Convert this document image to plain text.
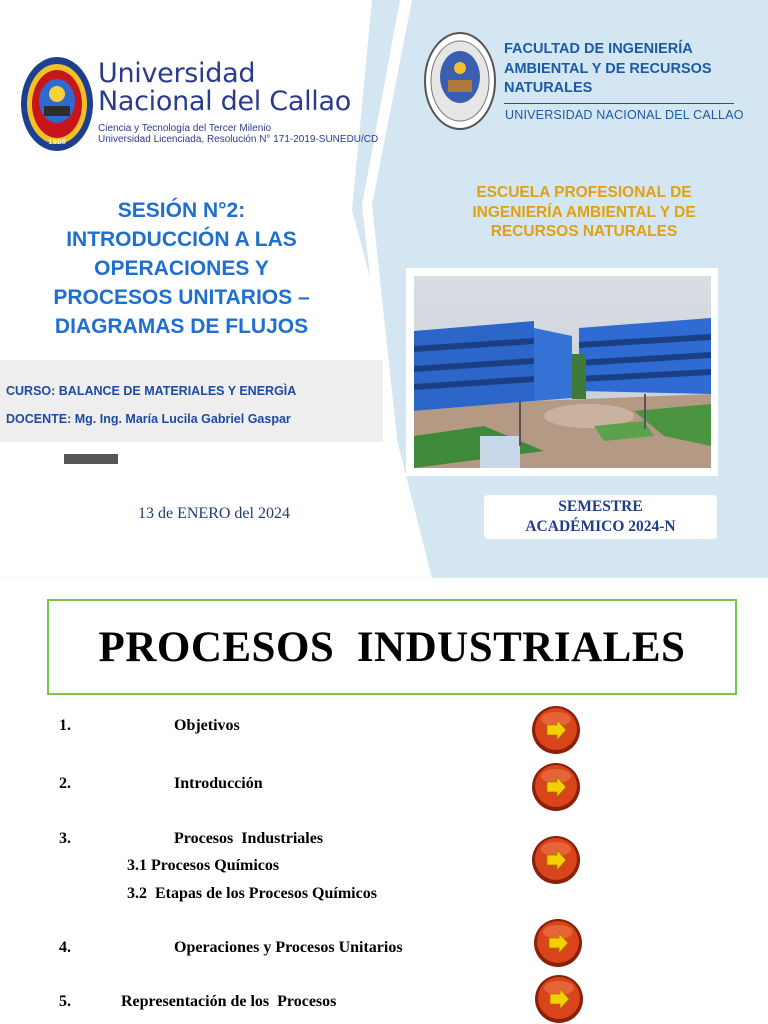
1966
Universidad
Nacional del Callao
Ciencia y Tecnología del Tercer Milenio
Universidad Licenciada, Resolución N° 171-2019-SUNEDU/CD
SESIÓN N°2:
INTRODUCCIÓN A LAS
OPERACIONES Y
PROCESOS UNITARIOS –
DIAGRAMAS DE FLUJOS
CURSO: BALANCE DE MATERIALES Y ENERGÌA
DOCENTE: Mg. Ing. María Lucila Gabriel Gaspar
13 de ENERO del 2024
FACULTAD DE INGENIERÍA
AMBIENTAL Y DE RECURSOS
NATURALES
UNIVERSIDAD NACIONAL DEL CALLAO
ESCUELA PROFESIONAL DE
INGENIERÍA AMBIENTAL Y DE
RECURSOS NATURALES
SEMESTRE
ACADÉMICO 2024-N
PROCESOS  INDUSTRIALES
1.	Objetivos
2.	Introducción
3.	Procesos  Industriales
3.1 Procesos Químicos
3.2  Etapas de los Procesos Químicos
4.	Operaciones y Procesos Unitarios
5.	Representación de los  Procesos
